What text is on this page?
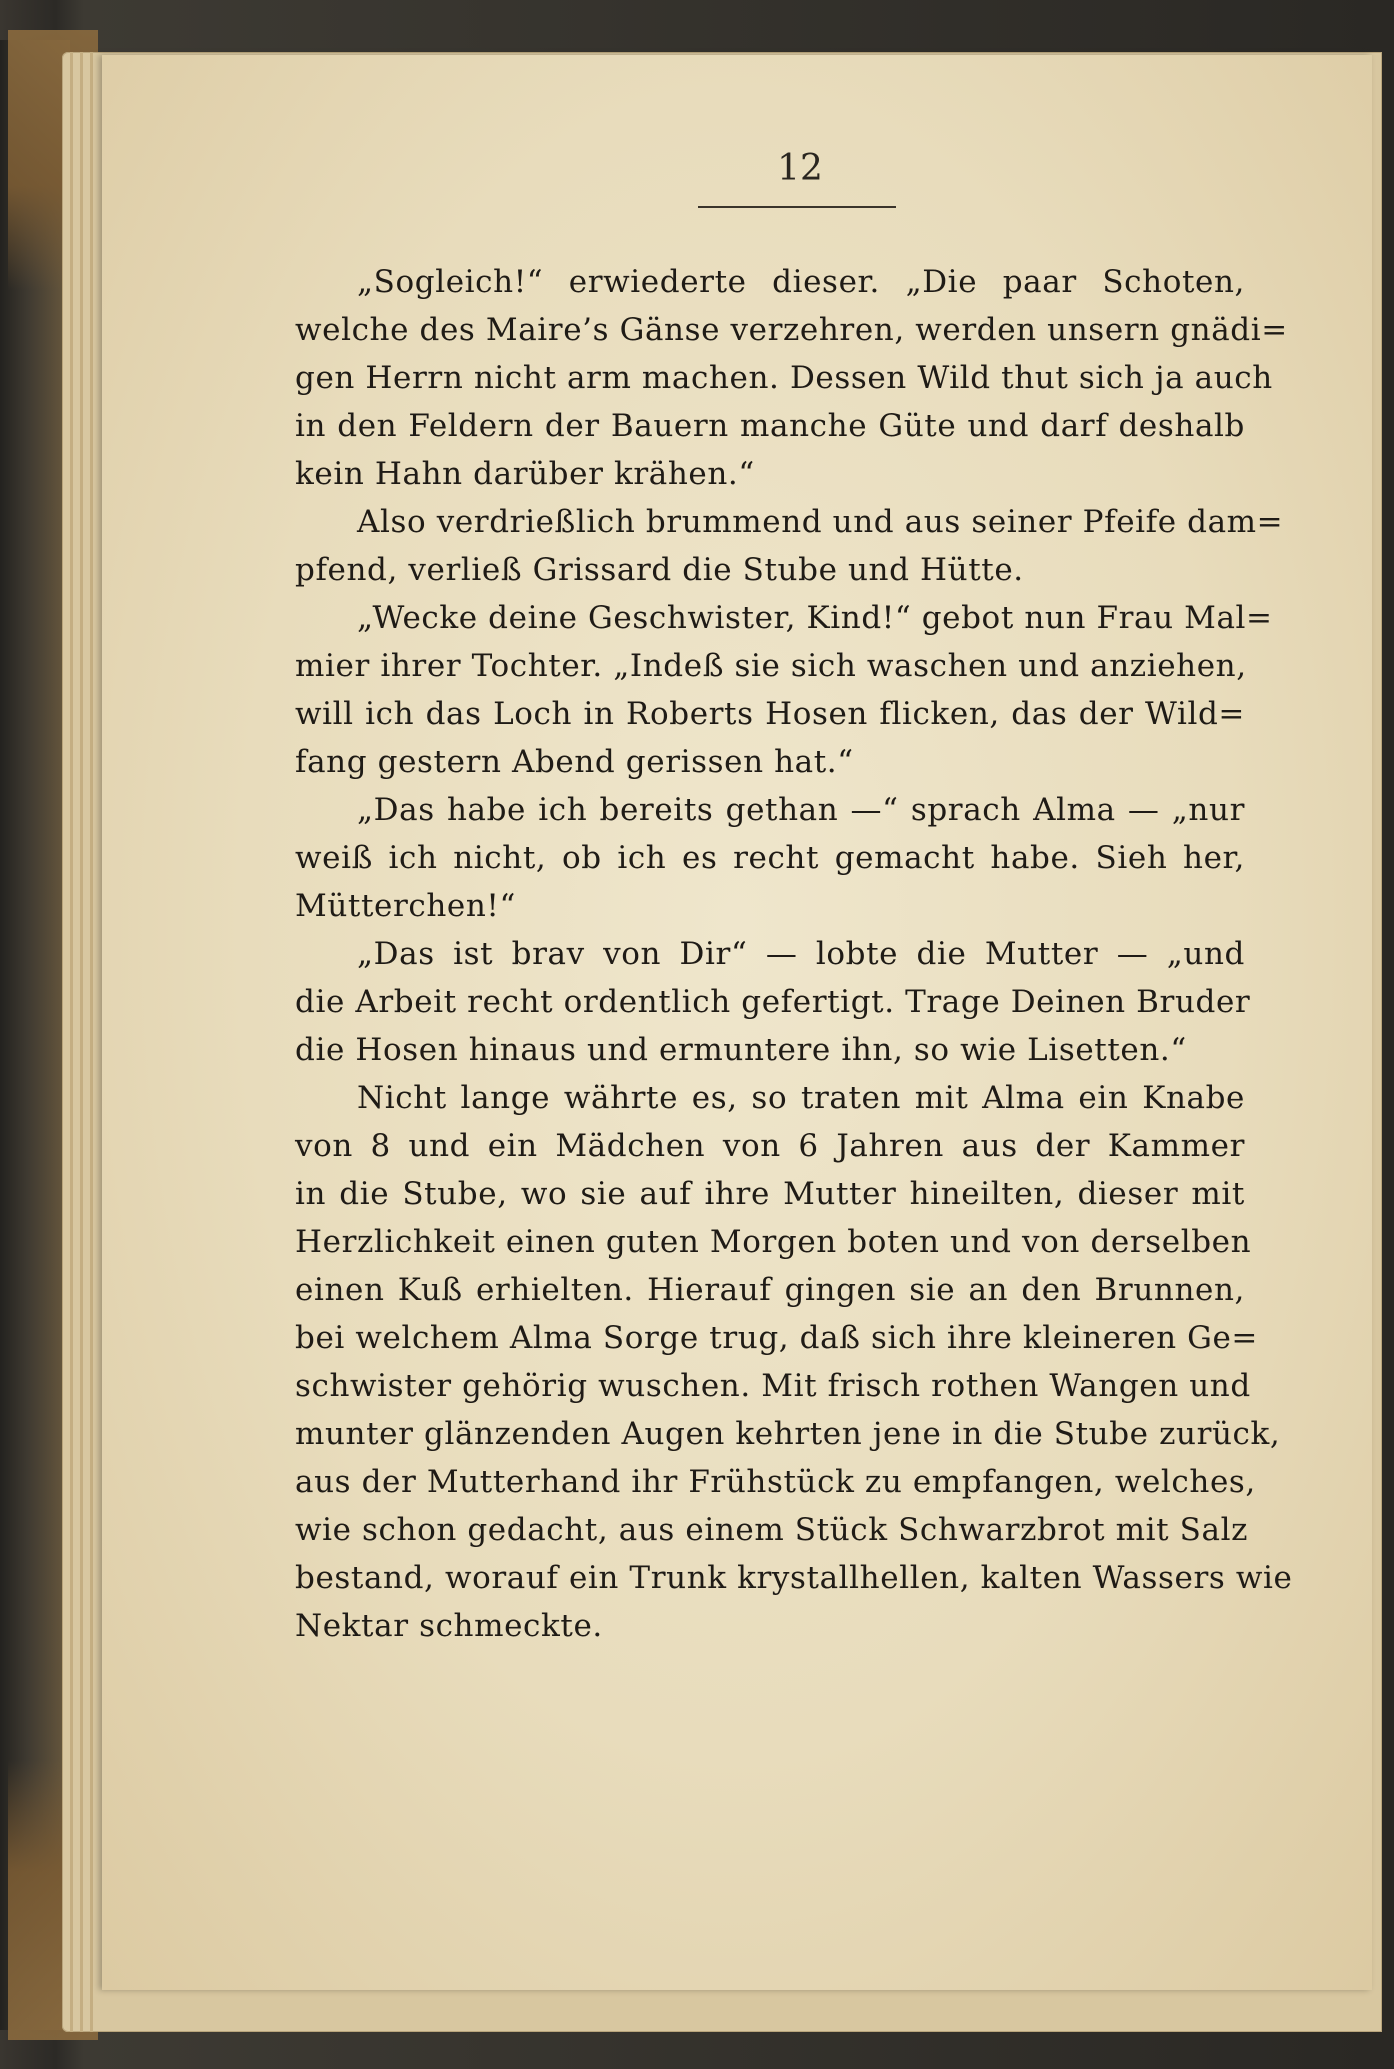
12
„Sogleich!“ erwiederte dieser. „Die paar Schoten,
welche des Maire’s Gänse verzehren, werden unsern gnädi=
gen Herrn nicht arm machen. Dessen Wild thut sich ja auch
in den Feldern der Bauern manche Güte und darf deshalb
kein Hahn darüber krähen.“
Also verdrießlich brummend und aus seiner Pfeife dam=
pfend, verließ Grissard die Stube und Hütte.
„Wecke deine Geschwister, Kind!“ gebot nun Frau Mal=
mier ihrer Tochter. „Indeß sie sich waschen und anziehen,
will ich das Loch in Roberts Hosen flicken, das der Wild=
fang gestern Abend gerissen hat.“
„Das habe ich bereits gethan —“ sprach Alma — „nur
weiß ich nicht, ob ich es recht gemacht habe. Sieh her,
Mütterchen!“
„Das ist brav von Dir“ — lobte die Mutter — „und
die Arbeit recht ordentlich gefertigt. Trage Deinen Bruder
die Hosen hinaus und ermuntere ihn, so wie Lisetten.“
Nicht lange währte es, so traten mit Alma ein Knabe
von 8 und ein Mädchen von 6 Jahren aus der Kammer
in die Stube, wo sie auf ihre Mutter hineilten, dieser mit
Herzlichkeit einen guten Morgen boten und von derselben
einen Kuß erhielten. Hierauf gingen sie an den Brunnen,
bei welchem Alma Sorge trug, daß sich ihre kleineren Ge=
schwister gehörig wuschen. Mit frisch rothen Wangen und
munter glänzenden Augen kehrten jene in die Stube zurück,
aus der Mutterhand ihr Frühstück zu empfangen, welches,
wie schon gedacht, aus einem Stück Schwarzbrot mit Salz
bestand, worauf ein Trunk krystallhellen, kalten Wassers wie
Nektar schmeckte.
